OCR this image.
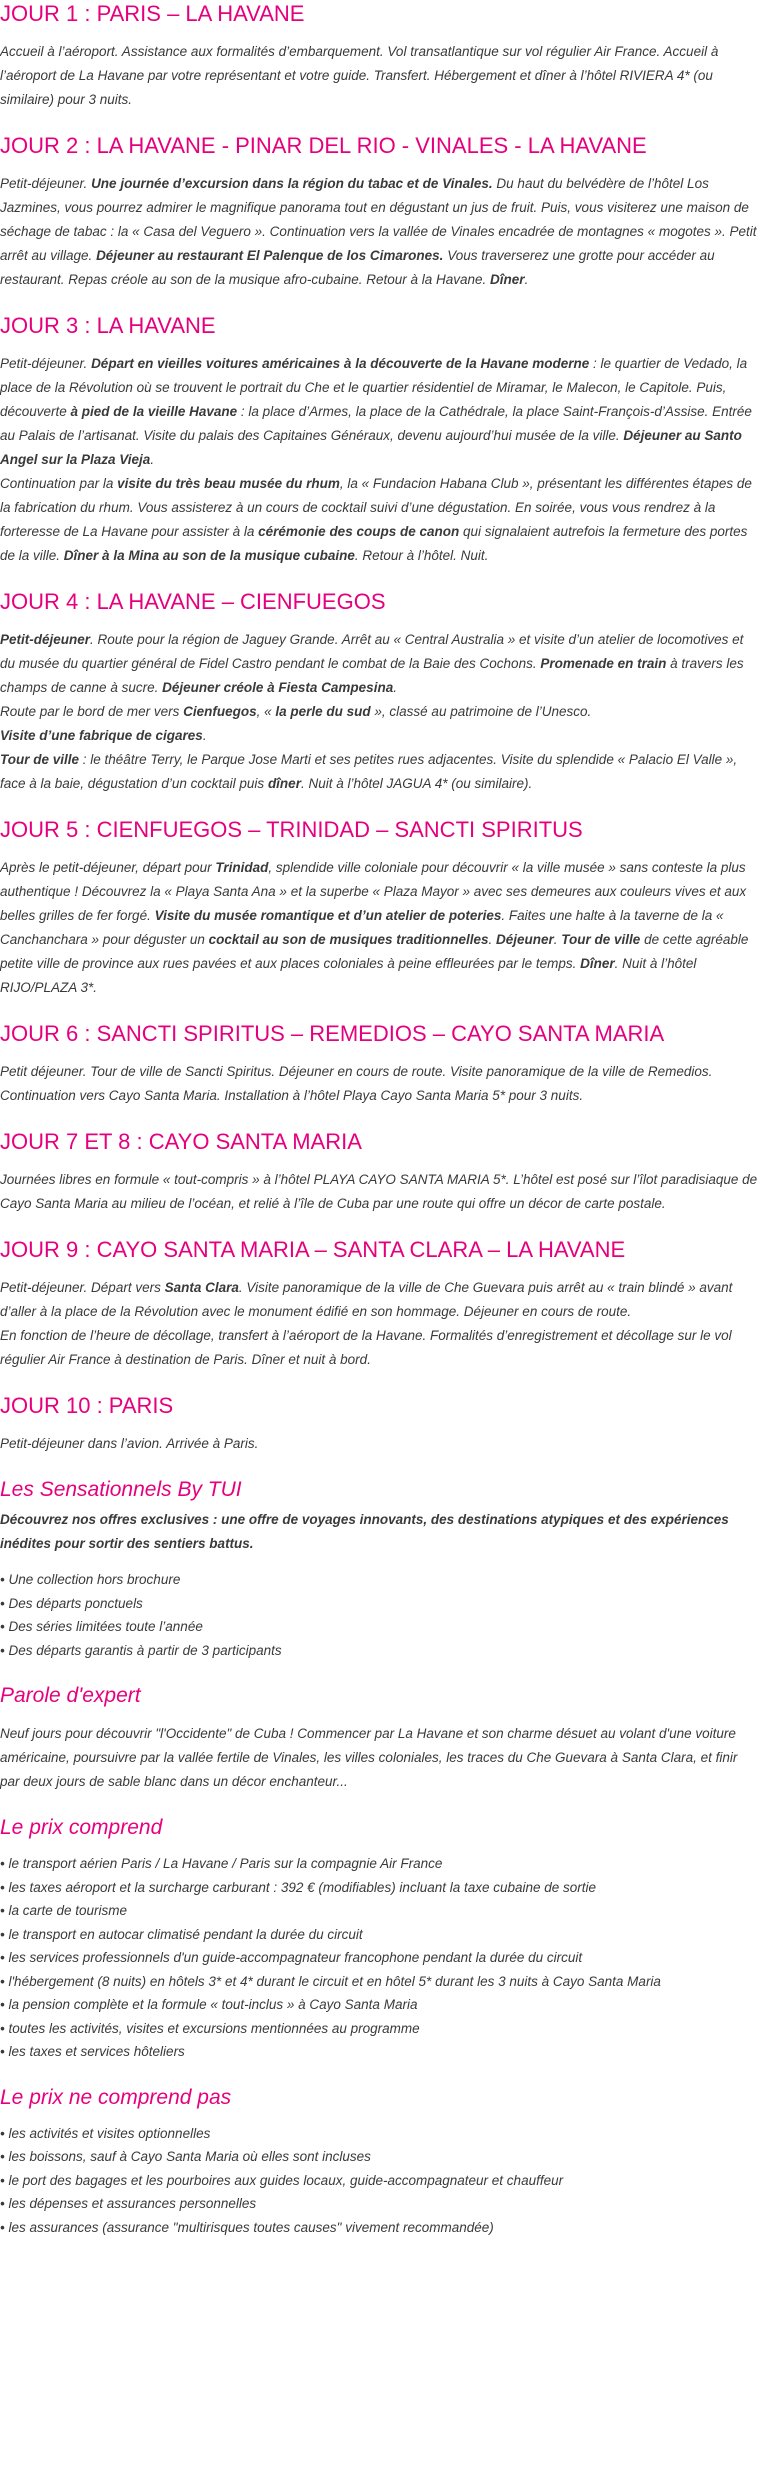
JOUR 1 : PARIS – LA HAVANE

Accueil à l’aéroport. Assistance aux formalités d’embarquement. Vol transatlantique sur vol régulier Air France. Accueil à l’aéroport de La Havane par votre représentant et votre guide. Transfert. Hébergement et dîner à l’hôtel RIVIERA 4* (ou similaire) pour 3 nuits.

JOUR 2 : LA HAVANE - PINAR DEL RIO - VINALES - LA HAVANE

Petit-déjeuner. Une journée d’excursion dans la région du tabac et de Vinales. Du haut du belvédère de l’hôtel Los Jazmines, vous pourrez admirer le magnifique panorama tout en dégustant un jus de fruit. Puis, vous visiterez une maison de séchage de tabac : la « Casa del Veguero ». Continuation vers la vallée de Vinales encadrée de montagnes « mogotes ». Petit arrêt au village. Déjeuner au restaurant El Palenque de los Cimarones. Vous traverserez une grotte pour accéder au restaurant. Repas créole au son de la musique afro-cubaine. Retour à la Havane. Dîner.

JOUR 3 : LA HAVANE

Petit-déjeuner. Départ en vieilles voitures américaines à la découverte de la Havane moderne : le quartier de Vedado, la place de la Révolution où se trouvent le portrait du Che et le quartier résidentiel de Miramar, le Malecon, le Capitole. Puis, découverte à pied de la vieille Havane : la place d’Armes, la place de la Cathédrale, la place Saint-François-d’Assise. Entrée au Palais de l’artisanat. Visite du palais des Capitaines Généraux, devenu aujourd’hui musée de la ville. Déjeuner au Santo Angel sur la Plaza Vieja.

Continuation par la visite du très beau musée du rhum, la « Fundacion Habana Club », présentant les différentes étapes de la fabrication du rhum. Vous assisterez à un cours de cocktail suivi d’une dégustation. En soirée, vous vous rendrez à la forteresse de La Havane pour assister à la cérémonie des coups de canon qui signalaient autrefois la fermeture des portes de la ville. Dîner à la Mina au son de la musique cubaine. Retour à l’hôtel. Nuit.

JOUR 4 : LA HAVANE – CIENFUEGOS

Petit-déjeuner. Route pour la région de Jaguey Grande. Arrêt au « Central Australia » et visite d’un atelier de locomotives et du musée du quartier général de Fidel Castro pendant le combat de la Baie des Cochons. Promenade en train à travers les champs de canne à sucre. Déjeuner créole à Fiesta Campesina.

Route par le bord de mer vers Cienfuegos, « la perle du sud », classé au patrimoine de l’Unesco.

Visite d’une fabrique de cigares.

Tour de ville : le théâtre Terry, le Parque Jose Marti et ses petites rues adjacentes. Visite du splendide « Palacio El Valle », face à la baie, dégustation d’un cocktail puis dîner. Nuit à l’hôtel JAGUA 4* (ou similaire).

JOUR 5 : CIENFUEGOS – TRINIDAD – SANCTI SPIRITUS

Après le petit-déjeuner, départ pour Trinidad, splendide ville coloniale pour découvrir « la ville musée » sans conteste la plus authentique ! Découvrez la « Playa Santa Ana » et la superbe « Plaza Mayor » avec ses demeures aux couleurs vives et aux belles grilles de fer forgé. Visite du musée romantique et d’un atelier de poteries. Faites une halte à la taverne de la « Canchanchara » pour déguster un cocktail au son de musiques traditionnelles. Déjeuner. Tour de ville de cette agréable petite ville de province aux rues pavées et aux places coloniales à peine effleurées par le temps. Dîner. Nuit à l’hôtel RIJO/PLAZA 3*.

JOUR 6 : SANCTI SPIRITUS – REMEDIOS – CAYO SANTA MARIA

Petit déjeuner. Tour de ville de Sancti Spiritus. Déjeuner en cours de route. Visite panoramique de la ville de Remedios. Continuation vers Cayo Santa Maria. Installation à l’hôtel Playa Cayo Santa Maria 5* pour 3 nuits.

JOUR 7 ET 8 : CAYO SANTA MARIA

Journées libres en formule « tout-compris » à l’hôtel PLAYA CAYO SANTA MARIA 5*. L’hôtel est posé sur l’îlot paradisiaque de Cayo Santa Maria au milieu de l’océan, et relié à l’île de Cuba par une route qui offre un décor de carte postale.

JOUR 9 : CAYO SANTA MARIA – SANTA CLARA – LA HAVANE

Petit-déjeuner. Départ vers Santa Clara. Visite panoramique de la ville de Che Guevara puis arrêt au « train blindé » avant d’aller à la place de la Révolution avec le monument édifié en son hommage. Déjeuner en cours de route.

En fonction de l’heure de décollage, transfert à l’aéroport de la Havane. Formalités d’enregistrement et décollage sur le vol régulier Air France à destination de Paris. Dîner et nuit à bord.

JOUR 10 : PARIS

Petit-déjeuner dans l’avion. Arrivée à Paris.

Les Sensationnels By TUI

Découvrez nos offres exclusives : une offre de voyages innovants, des destinations atypiques et des expériences inédites pour sortir des sentiers battus.

• Une collection hors brochure
• Des départs ponctuels
• Des séries limitées toute l’année
• Des départs garantis à partir de 3 participants
Parole d'expert

Neuf jours pour découvrir "l'Occidente" de Cuba ! Commencer par La Havane et son charme désuet au volant d'une voiture américaine, poursuivre par la vallée fertile de Vinales, les villes coloniales, les traces du Che Guevara à Santa Clara, et finir par deux jours de sable blanc dans un décor enchanteur...

Le prix comprend
• le transport aérien Paris / La Havane / Paris sur la compagnie Air France
• les taxes aéroport et la surcharge carburant : 392 € (modifiables) incluant la taxe cubaine de sortie
• la carte de tourisme
• le transport en autocar climatisé pendant la durée du circuit
• les services professionnels d'un guide-accompagnateur francophone pendant la durée du circuit
• l'hébergement (8 nuits) en hôtels 3* et 4* durant le circuit et en hôtel 5* durant les 3 nuits à Cayo Santa Maria
• la pension complète et la formule « tout-inclus » à Cayo Santa Maria
• toutes les activités, visites et excursions mentionnées au programme
• les taxes et services hôteliers
Le prix ne comprend pas
• les activités et visites optionnelles
• les boissons, sauf à Cayo Santa Maria où elles sont incluses
• le port des bagages et les pourboires aux guides locaux, guide-accompagnateur et chauffeur
• les dépenses et assurances personnelles
• les assurances (assurance "multirisques toutes causes" vivement recommandée)
